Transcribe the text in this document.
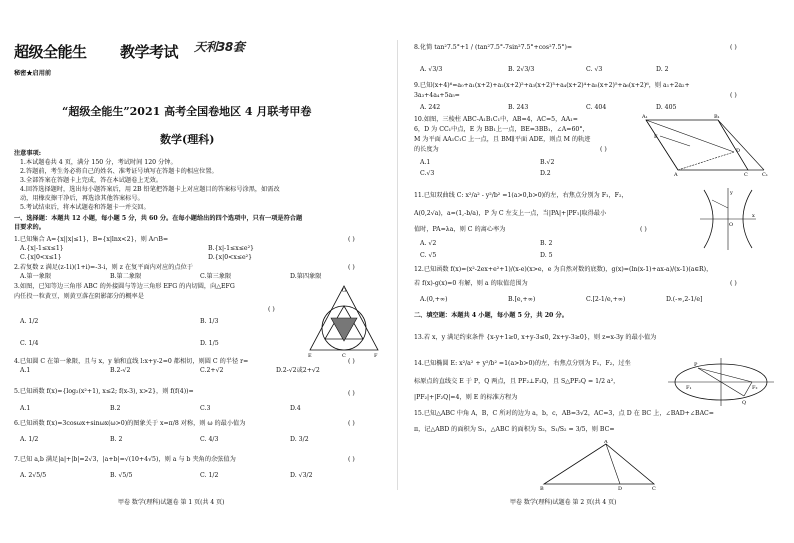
超级全能生 教学考试 天利38套
秘密★启用前
“超级全能生”2021 高考全国卷地区 4 月联考甲卷
数学(理科)
注意事项:
1.本试题卷共 4 页，满分 150 分，考试时间 120 分钟。
2.答题前，考生务必将自己的姓名、准考证号填写在答题卡的相应位置。
3.全部答案在答题卡上完成，答在本试题卷上无效。
4.回答选择题时，选出每小题答案后，用 2B 铅笔把答题卡上对应题目的答案标号涂黑，如需改
动，用橡皮擦干净后，再选涂其他答案标号。
5.考试结束后，将本试题卷和答题卡一并交回。
一、选择题：本题共 12 小题，每小题 5 分，共 60 分。在每小题给出的四个选项中，只有一项是符合题
目要求的。
1.已知集合 A={x||x|≤1}，B={x|lnx<2}，则 A∩B=	( )
A.{x|-1≤x≤1}	B.{x|-1≤x≤e²}
C.{x|0<x≤1}	D.{x|0<x≤e²}
2.若复数 z 满足(z-1i)(1+i)=-3-i，则 z 在复平面内对应的点位于	( )
A.第一象限	B.第二象限	C.第三象限	D.第四象限
3.如图，已知等边三角形 ABC 的外接圆与等边三角形 EFG 的内切圆，向△EFG
内任投一粒黄豆，则黄豆落在阴影部分的概率是
( )
A. 1/2	B. 1/3
C. 1/4	D. 1/5
G
E	F
C
4.已知圆 C 在第一象限，且与 x，y 轴和直线 l:x+y-2=0 都相切，则圆 C 的半径 r=	( )
A.1	B.2-√2	C.2+√2	D.2-√2或2+√2
5.已知函数 f(x)={log₂(x²+1), x≤2; f(x-3), x>2}，则 f(f(4))=	( )
A.1	B.2	C.3	D.4
6.已知函数 f(x)=3cosωx+sinωx(ω>0)的图象关于 x=π/8 对称，则 ω 的最小值为	( )
A. 1/2	B. 2	C. 4/3	D. 3/2
7.已知 a,b 满足|a|+|b|=2√3，|a+b|=√(10+4√5)，则 a 与 b 夹角的余弦值为	( )
A. 2√5/5	B. √5/5	C. 1/2	D. √3/2
甲卷 数学(理科)试题卷 第 1 页(共 4 页)
8.化简 tan²7.5°+1 / (tan²7.5°-7sin²7.5°+cos²7.5°)=	( )
A. √3/3	B. 2√3/3	C. √3	D. 2
9.已知(x+4)⁶=a₀+a₁(x+2)+a₂(x+2)²+a₃(x+2)³+a₄(x+2)⁴+a₅(x+2)⁵+a₆(x+2)⁶，则 a₁+2a₂+
3a₃+4a₄+5a₅=	( )
A. 242	B. 243	C. 404	D. 405
10.如图，三棱柱 ABC-A₁B₁C₁中，AB=4，AC=5，AA₁=
6，D 为 CC₁中点，E 为 BB₁上一点，BE=3BB₁，∠A=60°，
M 为平面 AA₁C₁C 上一点，且 BM∥平面 ADE，则点 M 的轨迹
的长度为	( )
A.1	B.√2
C.√3	D.2
A₁	B₁
A	C	C₁
D
E
11.已知双曲线 C: x²/a² - y²/b² =1(a>0,b>0)的左，右焦点分别为 F₁，F₂，
A(0,2√a)，a=(1,-b/a)，P 为 C 左支上一点，当|PA|+|PF₁|取得最小
值时，PA=λa，则 C 的离心率为	( )
A. √2	B. 2
C. √5	D. 5
y
x
O
12.已知函数 f(x)=(x²-2ex+e²+1)/(x-e)(x>e，e 为自然对数的底数)，g(x)=(ln(x-1)+ax-a)/(x-1)(a∈R)，
若 f(x)-g(x)=0 有解，则 a 的取值范围为	( )
A.(0,+∞)	B.[e,+∞)	C.[2-1/e,+∞)	D.(-∞,2-1/e]
二、填空题：本题共 4 小题，每小题 5 分，共 20 分。
13.若 x，y 满足约束条件 {x-y+1≥0, x+y-3≤0, 2x+y-3≥0}，则 z=x-3y 的最小值为
14.已知椭圆 E: x²/a² + y²/b² =1(a>b>0)的左，右焦点分别为 F₁，F₂，过坐
标原点的直线交 E 于 P，Q 两点，且 PF₂⊥F₂Q，且 S△PF₂Q = 1/2 a²，
|PF₂|+|F₂Q|=4，则 E 的标准方程为
P
Q
F₁	F₂
15.已知△ABC 中角 A，B，C 所对的边为 a，b，c，AB=3√2，AC=3，点 D 在 BC 上，∠BAD+∠BAC=
π，记△ABD 的面积为 S₁，△ABC 的面积为 S₂，S₁/S₂ = 3/5，则 BC=
A
B	D	C
甲卷 数学(理科)试题卷 第 2 页(共 4 页)
